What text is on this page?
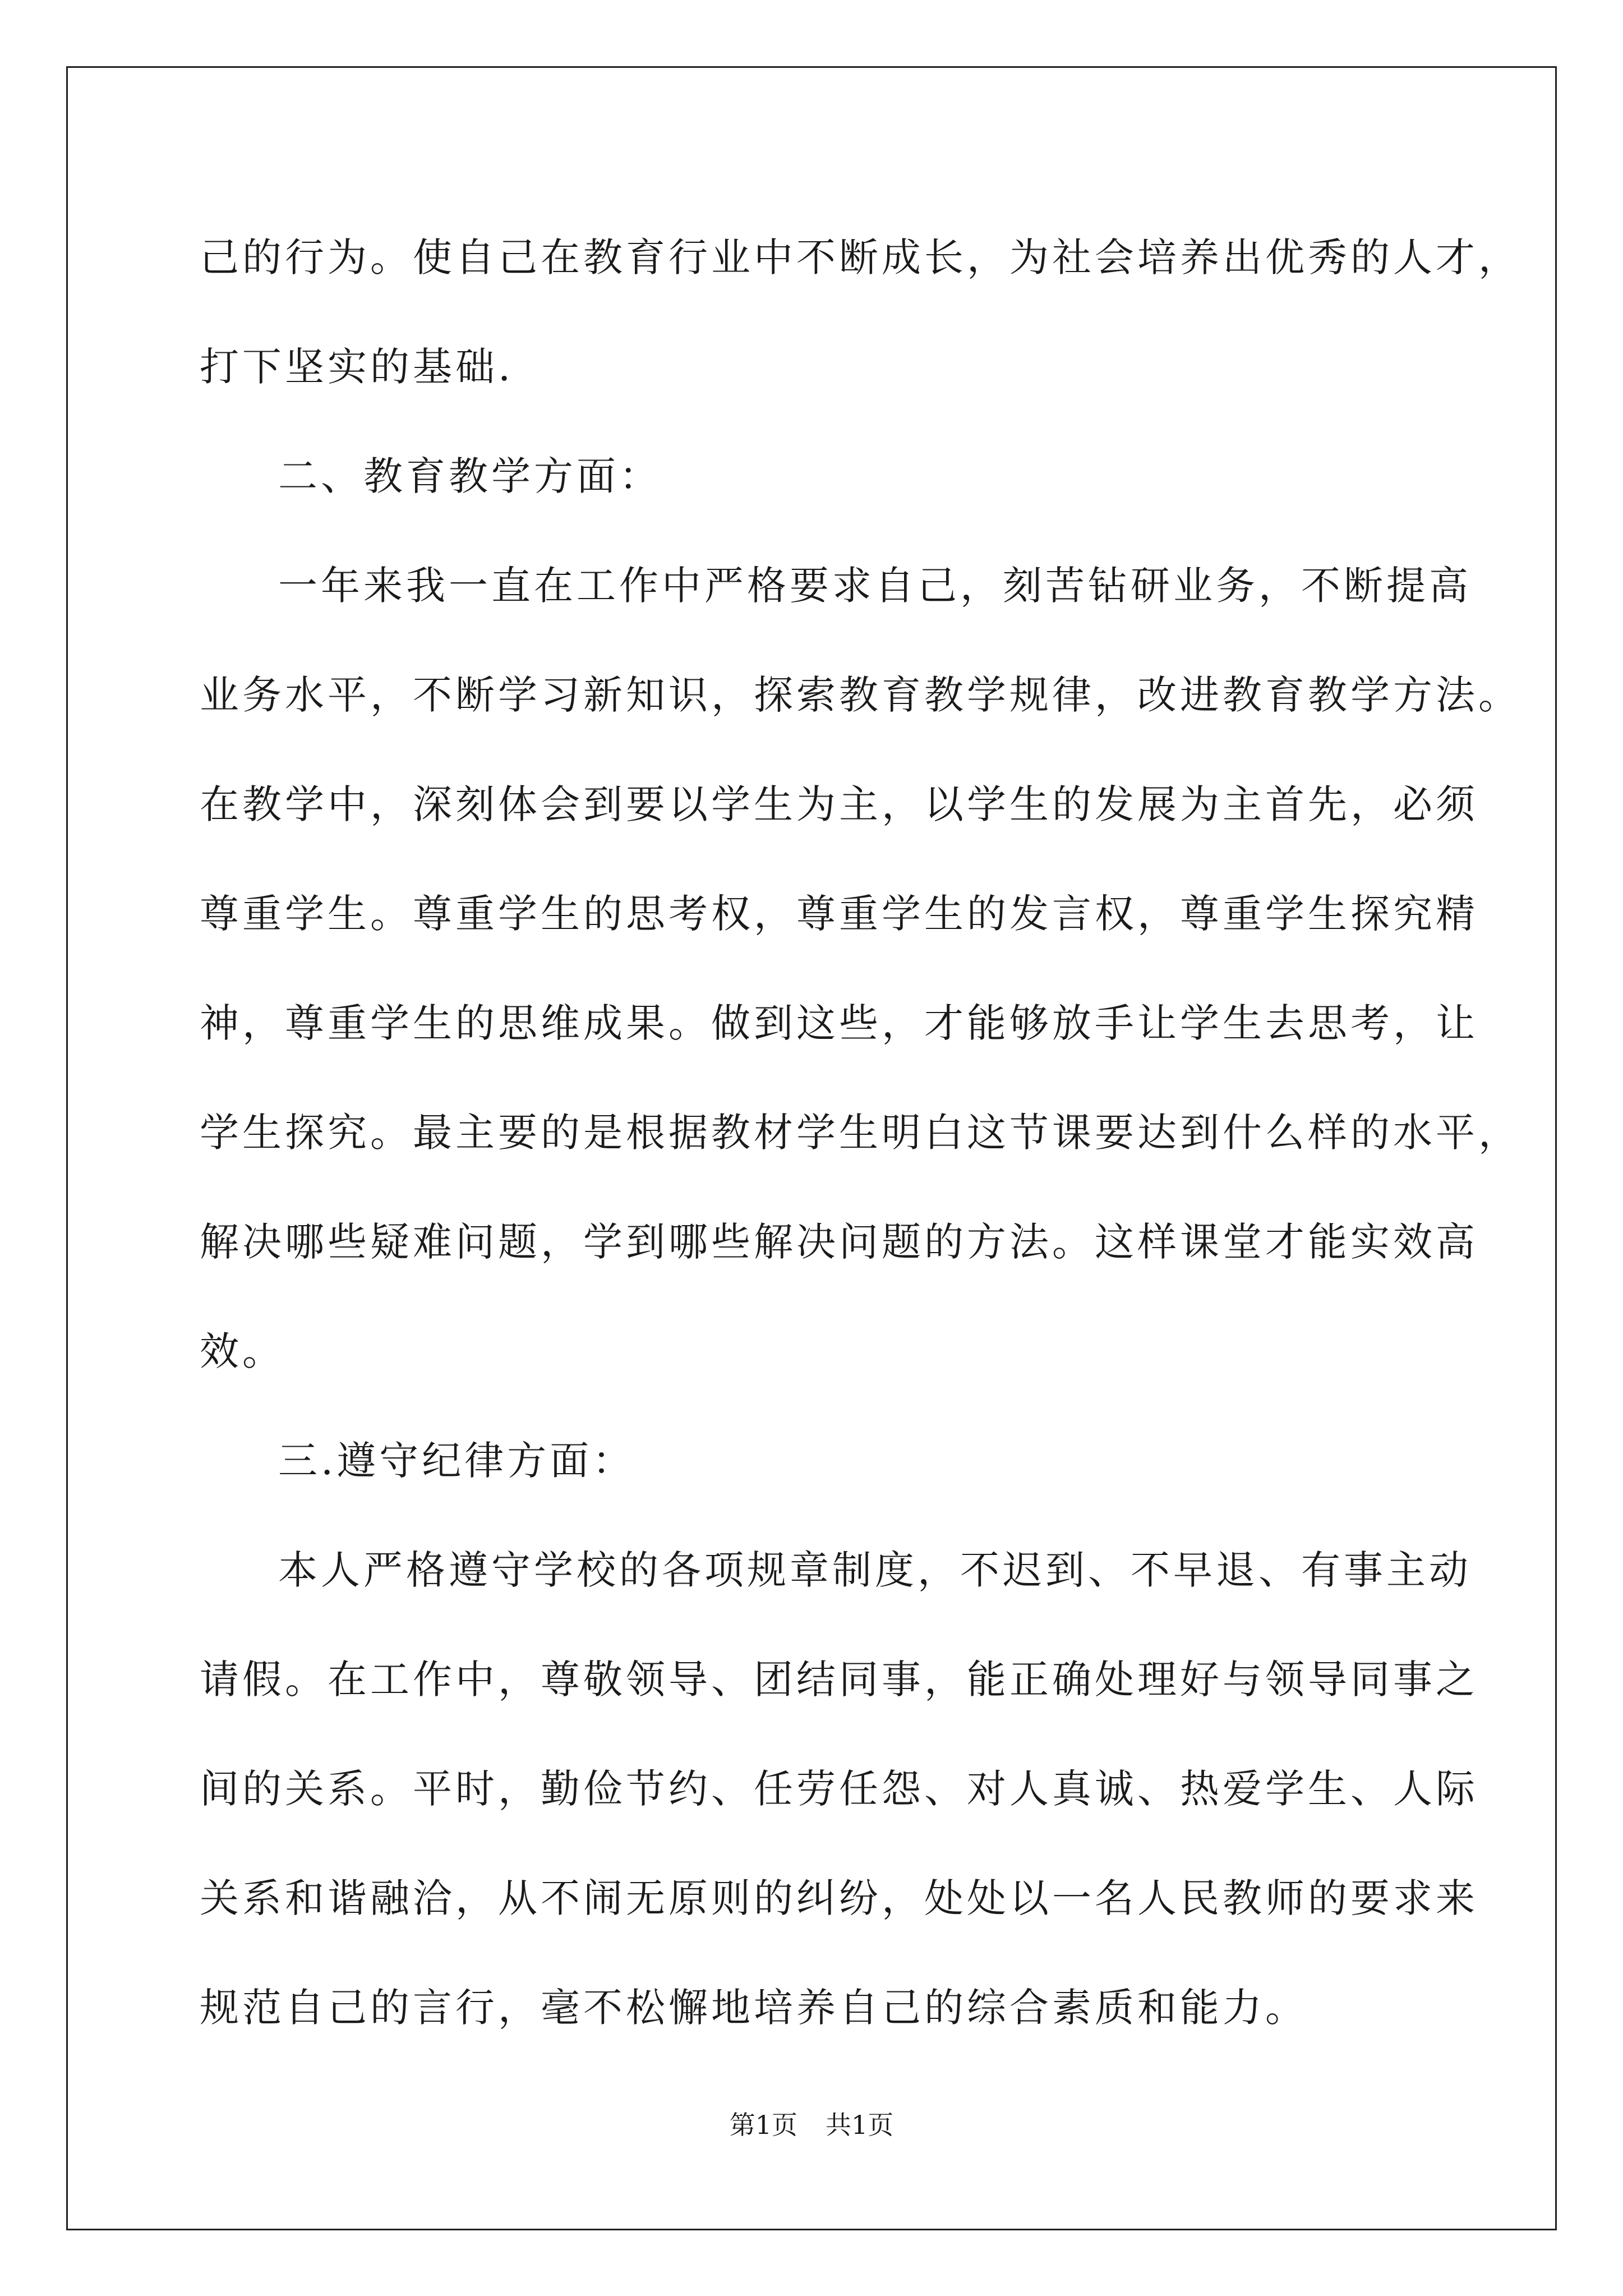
己的行为。使自己在教育行业中不断成长，为社会培养出优秀的人才，
打下坚实的基础.
二、教育教学方面：
一年来我一直在工作中严格要求自己，刻苦钻研业务，不断提高
业务水平，不断学习新知识，探索教育教学规律，改进教育教学方法。
在教学中，深刻体会到要以学生为主，以学生的发展为主首先，必须
尊重学生。尊重学生的思考权，尊重学生的发言权，尊重学生探究精
神，尊重学生的思维成果。做到这些，才能够放手让学生去思考，让
学生探究。最主要的是根据教材学生明白这节课要达到什么样的水平，
解决哪些疑难问题，学到哪些解决问题的方法。这样课堂才能实效高
效。
三.遵守纪律方面：
本人严格遵守学校的各项规章制度，不迟到、不早退、有事主动
请假。在工作中，尊敬领导、团结同事，能正确处理好与领导同事之
间的关系。平时，勤俭节约、任劳任怨、对人真诚、热爱学生、人际
关系和谐融洽，从不闹无原则的纠纷，处处以一名人民教师的要求来
规范自己的言行，毫不松懈地培养自己的综合素质和能力。
第1页 共1页
